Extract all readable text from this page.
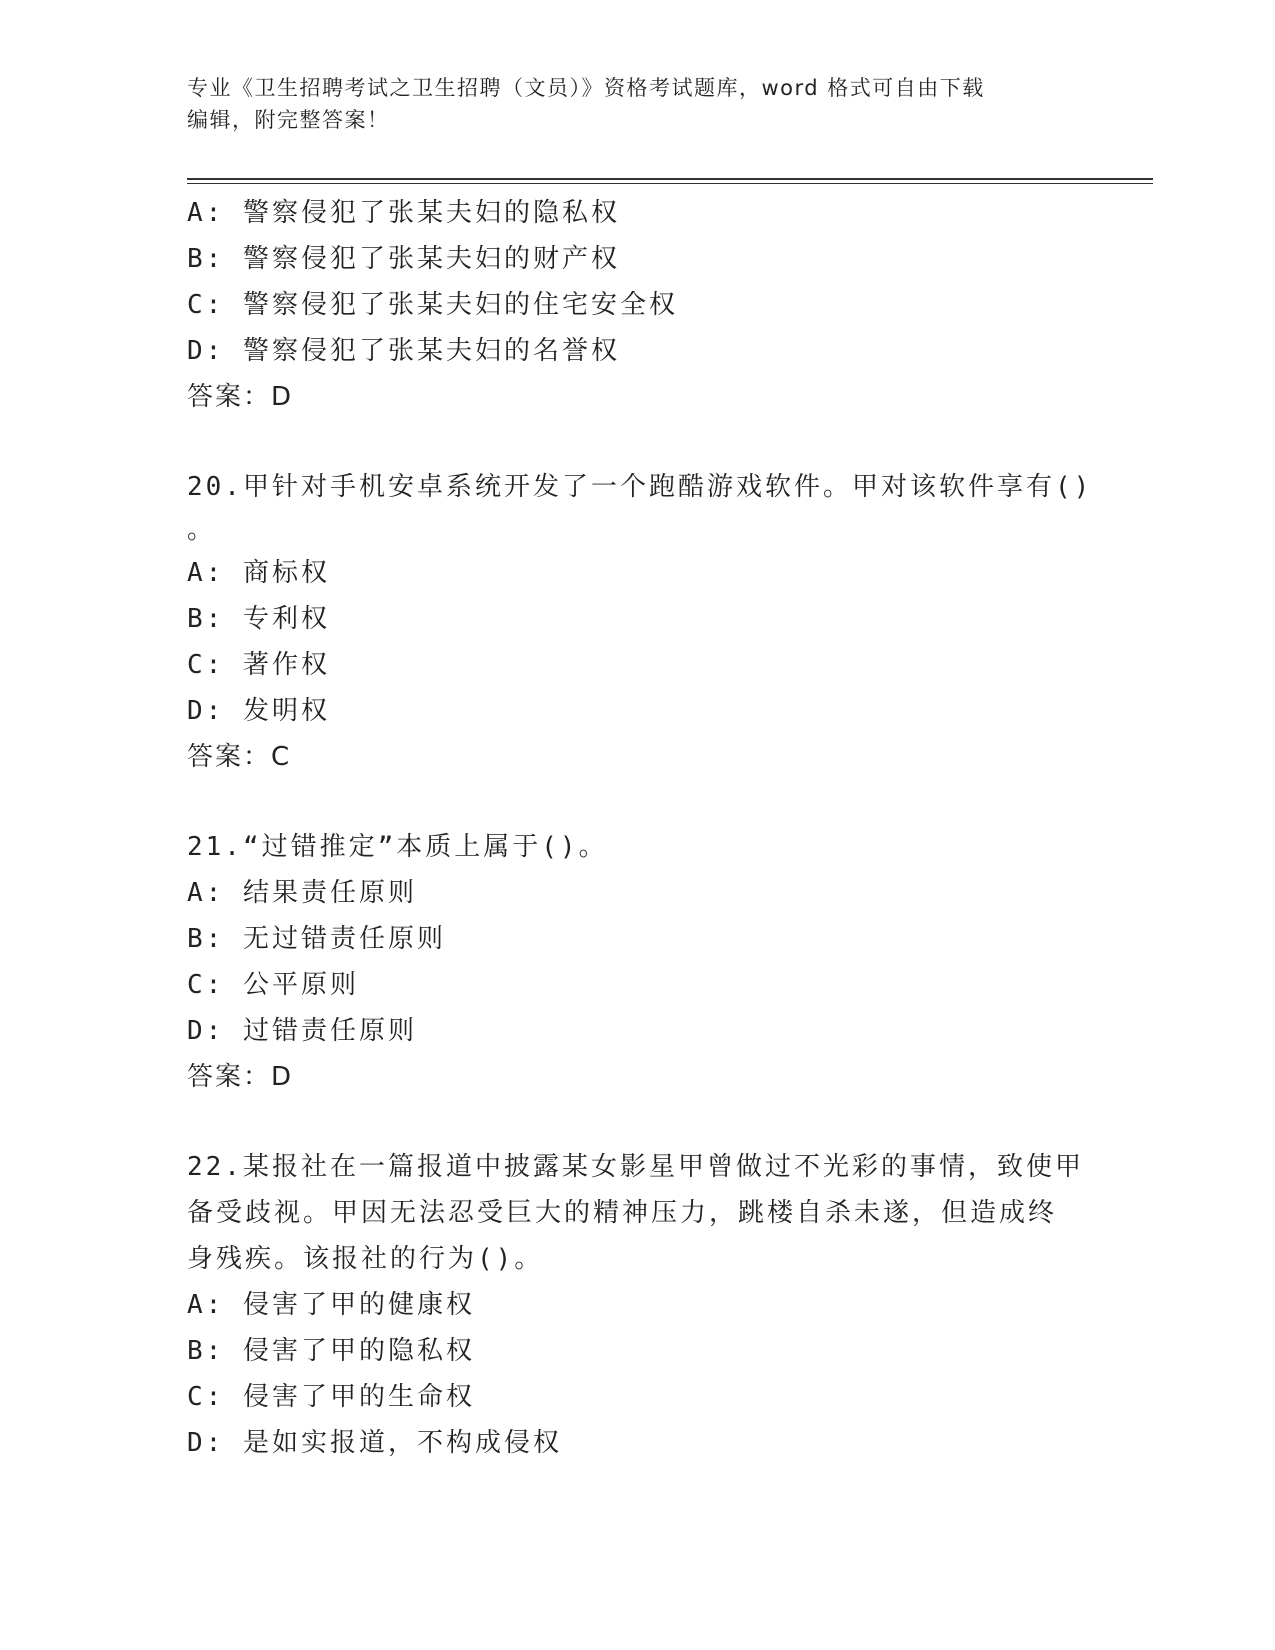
专业《卫生招聘考试之卫生招聘（文员）》资格考试题库，word 格式可自由下载
编辑，附完整答案！
A: 警察侵犯了张某夫妇的隐私权
B: 警察侵犯了张某夫妇的财产权
C: 警察侵犯了张某夫妇的住宅安全权
D: 警察侵犯了张某夫妇的名誉权
答案：D
20.甲针对手机安卓系统开发了一个跑酷游戏软件。甲对该软件享有()
。
A: 商标权
B: 专利权
C: 著作权
D: 发明权
答案：C
21.“过错推定”本质上属于()。
A: 结果责任原则
B: 无过错责任原则
C: 公平原则
D: 过错责任原则
答案：D
22.某报社在一篇报道中披露某女影星甲曾做过不光彩的事情，致使甲
备受歧视。甲因无法忍受巨大的精神压力，跳楼自杀未遂，但造成终
身残疾。该报社的行为()。
A: 侵害了甲的健康权
B: 侵害了甲的隐私权
C: 侵害了甲的生命权
D: 是如实报道，不构成侵权
